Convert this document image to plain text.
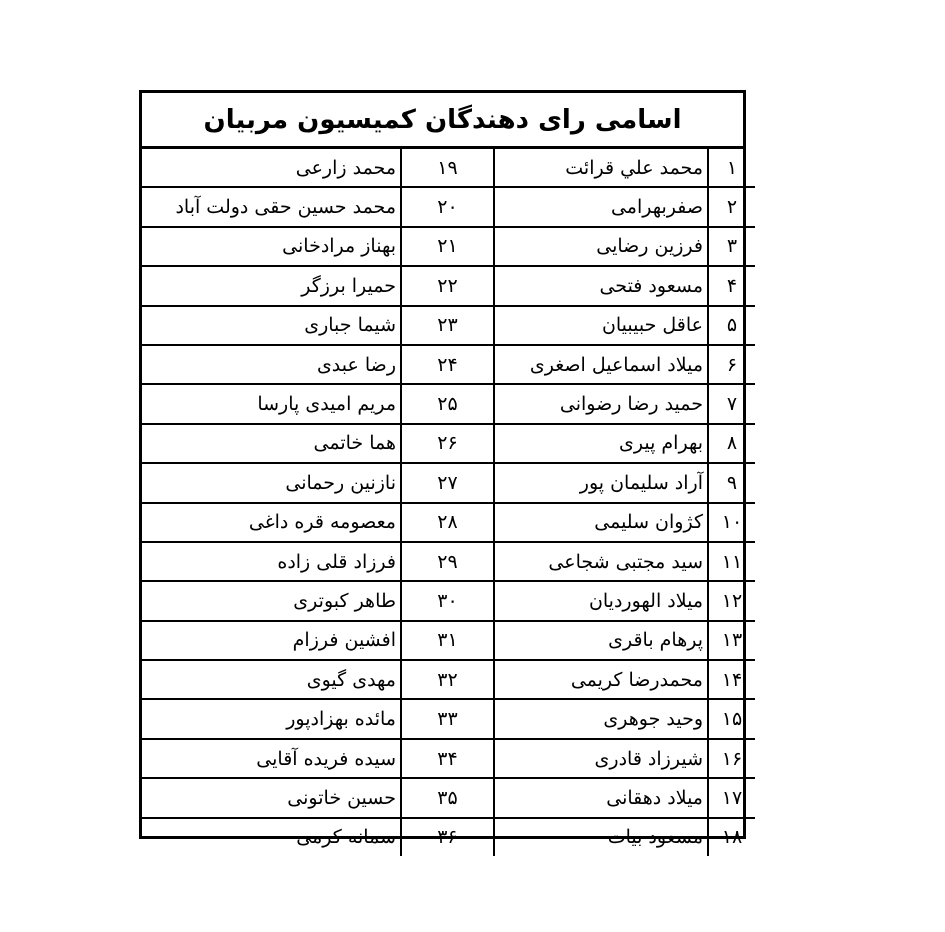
اسامی رای دهندگان کمیسیون مربیان
۱	محمد علي قرائت	۱۹	محمد زارعی
۲	صفربهرامی	۲۰	محمد حسین حقی دولت آباد
۳	فرزین رضایی	۲۱	بهناز مرادخانی
۴	مسعود فتحی	۲۲	حمیرا برزگر
۵	عاقل حبیبیان	۲۳	شیما جباری
۶	میلاد اسماعیل اصغری	۲۴	رضا عبدی
۷	حمید رضا رضوانی	۲۵	مریم امیدی پارسا
۸	بهرام پیری	۲۶	هما خاتمی
۹	آراد سلیمان پور	۲۷	نازنین رحمانی
۱۰	کژوان سلیمی	۲۸	معصومه قره داغی
۱۱	سید مجتبی شجاعی	۲۹	فرزاد قلی زاده
۱۲	میلاد الهوردیان	۳۰	طاهر کبوتری
۱۳	پرهام باقری	۳۱	افشین فرزام
۱۴	محمدرضا کریمی	۳۲	مهدی گیوی
۱۵	وحید جوهری	۳۳	مائده بهزادپور
۱۶	شیرزاد قادری	۳۴	سیده فریده آقایی
۱۷	میلاد دهقانی	۳۵	حسین خاتونی
۱۸	مسعود بیات	۳۶	سمانه کرمی
